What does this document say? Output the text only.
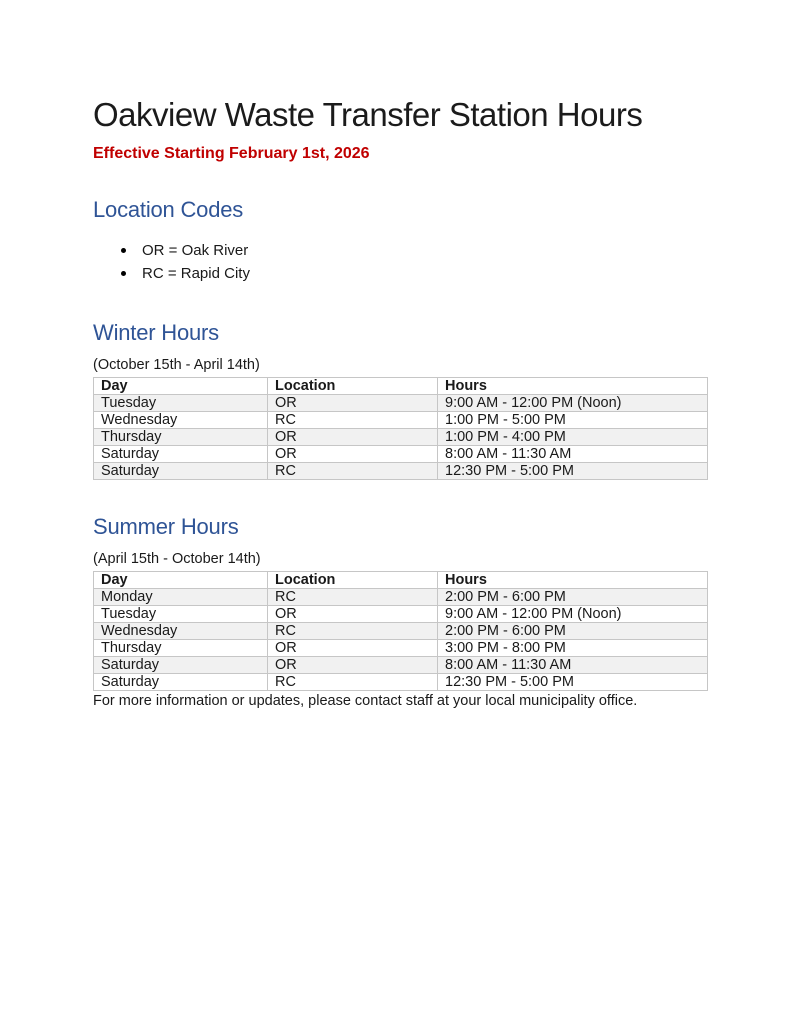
Oakview Waste Transfer Station Hours

Effective Starting February 1st, 2026

Location Codes
OR = Oak River
RC = Rapid City
Winter Hours

(October 15th - April 14th)

Day	Location	Hours
Tuesday	OR	9:00 AM - 12:00 PM (Noon)
Wednesday	RC	1:00 PM - 5:00 PM
Thursday	OR	1:00 PM - 4:00 PM
Saturday	OR	8:00 AM - 11:30 AM
Saturday	RC	12:30 PM - 5:00 PM
Summer Hours

(April 15th - October 14th)

Day	Location	Hours
Monday	RC	2:00 PM - 6:00 PM
Tuesday	OR	9:00 AM - 12:00 PM (Noon)
Wednesday	RC	2:00 PM - 6:00 PM
Thursday	OR	3:00 PM - 8:00 PM
Saturday	OR	8:00 AM - 11:30 AM
Saturday	RC	12:30 PM - 5:00 PM

For more information or updates, please contact staff at your local municipality office.
